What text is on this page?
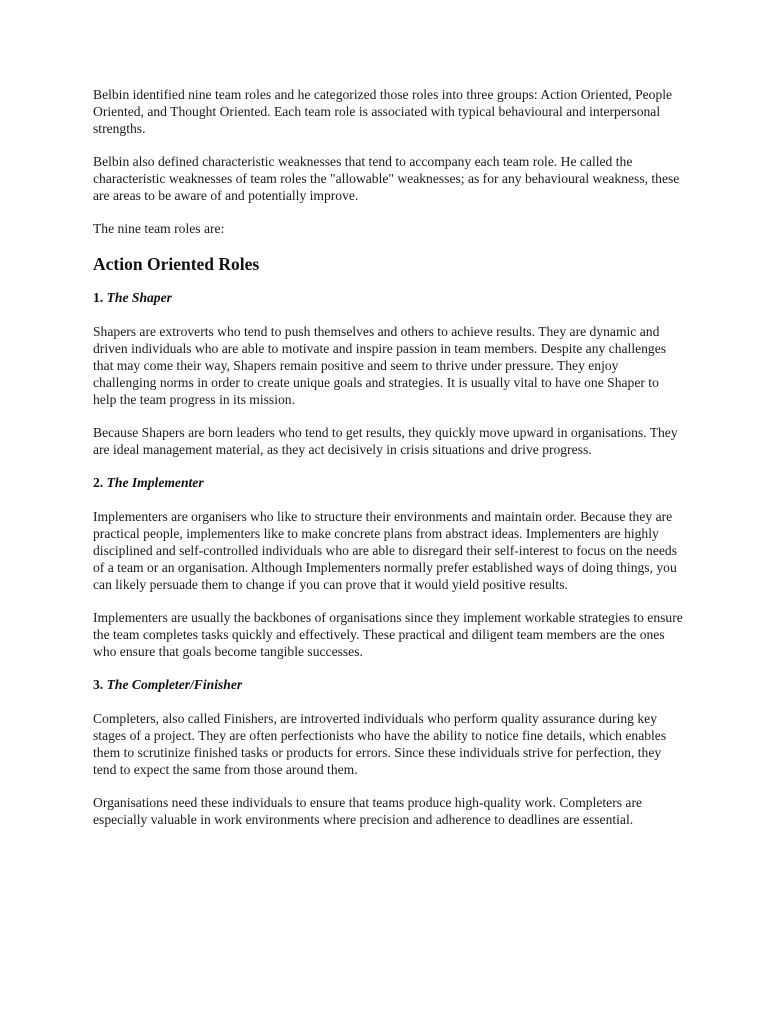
Belbin identified nine team roles and he categorized those roles into three groups: Action Oriented, People Oriented, and Thought Oriented. Each team role is associated with typical behavioural and interpersonal strengths.

Belbin also defined characteristic weaknesses that tend to accompany each team role. He called the characteristic weaknesses of team roles the "allowable" weaknesses; as for any behavioural weakness, these are areas to be aware of and potentially improve.

The nine team roles are:

Action Oriented Roles
1. The Shaper

Shapers are extroverts who tend to push themselves and others to achieve results. They are dynamic and driven individuals who are able to motivate and inspire passion in team members. Despite any challenges that may come their way, Shapers remain positive and seem to thrive under pressure. They enjoy challenging norms in order to create unique goals and strategies. It is usually vital to have one Shaper to help the team progress in its mission.

Because Shapers are born leaders who tend to get results, they quickly move upward in organisations. They are ideal management material, as they act decisively in crisis situations and drive progress.

2. The Implementer

Implementers are organisers who like to structure their environments and maintain order. Because they are practical people, implementers like to make concrete plans from abstract ideas. Implementers are highly disciplined and self-controlled individuals who are able to disregard their self-interest to focus on the needs of a team or an organisation. Although Implementers normally prefer established ways of doing things, you can likely persuade them to change if you can prove that it would yield positive results.

Implementers are usually the backbones of organisations since they implement workable strategies to ensure the team completes tasks quickly and effectively. These practical and diligent team members are the ones who ensure that goals become tangible successes.

3. The Completer/Finisher

Completers, also called Finishers, are introverted individuals who perform quality assurance during key stages of a project. They are often perfectionists who have the ability to notice fine details, which enables them to scrutinize finished tasks or products for errors. Since these individuals strive for perfection, they tend to expect the same from those around them.

Organisations need these individuals to ensure that teams produce high-quality work. Completers are especially valuable in work environments where precision and adherence to deadlines are essential.
